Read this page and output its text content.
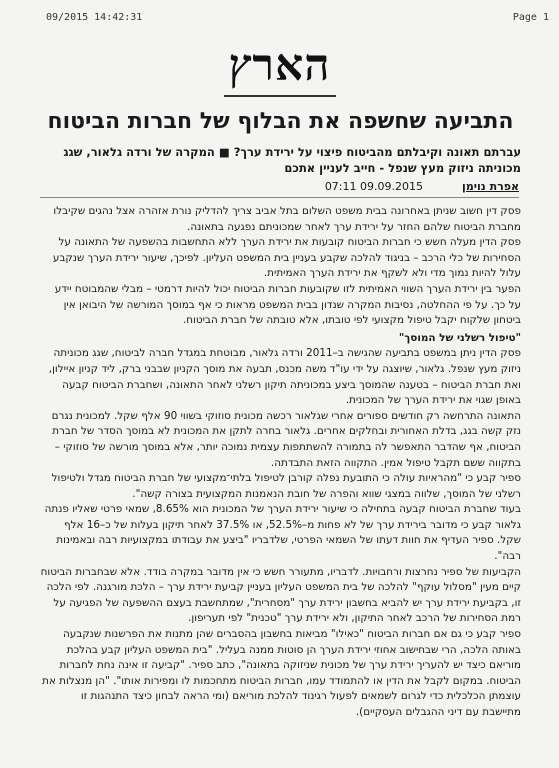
09/2015 14:42:31	Page 1
הארץ
התביעה שחשפה את הבלוף של חברות הביטוח
עברתם תאונה וקיבלתם מהביטוח פיצוי על ירידת ערך? ■ המקרה של ורדה גלאור, שגג מכוניתה ניזוק מעץ שנפל - חייב לעניין אתכם
אפרת נוימן
07:11 09.09.2015

פסק דין חשוב שניתן באחרונה בבית משפט השלום בתל אביב צריך להדליק נורת אזהרה אצל נהגים שקיבלו מחברת הביטוח שלהם החזר על ירידת ערך לאחר שמכוניתם נפגעה בתאונה.

פסק הדין מעלה חשש כי חברות הביטוח קובעות את ירידת הערך ללא התחשבות בהשפעה של התאונה על הסחירות של כלי הרכב – בניגוד להלכה שקבע בעניין בית המשפט העליון. לפיכך, שיעור ירידת הערך שנקבע עלול להיות נמוך מדי ולא לשקף את ירידת הערך האמיתית.

הפער בין ירידת הערך השווי האמיתית לזו שקובעות חברות הביטוח יכול להיות דרמטי – מבלי שהמבוטח יידע על כך. על פי ההחלטה, נסיבות המקרה שנדון בבית המשפט מראות כי אף במוסך המורשה של היבואן אין ביטחון שלקוח יקבל טיפול מקצועי לפי טובתו, אלא טובתה של חברת הביטוח.

"טיפול רשלני של המוסך"

פסק הדין ניתן במשפט בתביעה שהגישה ב–2011 ורדה גלאור, מבוטחת במגדל חברה לביטוח, שגג מכוניתה ניזוק מעץ שנפל. גלאור, שיוצגה על ידי עו"ד משה מכנס, תבעה את מוסך הקניון שבבני ברק, ליד קניון איילון, ואת חברת הביטוח – בטענה שהמוסך ביצע במכוניתה תיקון רשלני לאחר התאונה, ושחברת הביטוח קבעה באופן שגוי את ירידת הערך של המכונית.

התאונה התרחשה רק חודשים ספורים אחרי שגלאור רכשה מכונית סוזוקי בשווי 90 אלף שקל. למכונית נגרם נזק קשה בגג, בדלת האחורית ובחלקים אחרים. גלאור בחרה לתקן את המכונית לא במוסך הסדר של חברת הביטוח, אף שהדבר התאפשר לה בתמורה להשתתפות עצמית נמוכה יותר, אלא במוסך מורשה של סוזוקי – בתקווה ששם תקבל טיפול אמין. התקווה הזאת התבדתה.

ספיר קבע כי "מהראיות עולה כי התובעת נפלה קורבן לטיפול בלתי־מקצועי של חברת הביטוח מגדל ולטיפול רשלני של המוסך, שלווה במצגי שווא והפרה של חובת הנאמנות המקצועית בצורה קשה".

בעוד שחברת הביטוח קבעה בתחילה כי שיעור ירידת הערך של המכונית הוא 8.65%, שמאי פרטי שאליו פנתה גלאור קבע כי מדובר בירידת ערך של לא פחות מ–52.5%, או 37.5% לאחר תיקון בעלות של כ–16 אלף שקל. ספיר העדיף את חוות דעתו של השמאי הפרטי, שלדבריו "ביצע את עבודתו במקצועיות רבה ובאמינות רבה".

הקביעות של ספיר נחרצות ורחבויות. לדבריו, מתעורר חשש כי אין מדובר במקרה בודד. אלא שבחברות הביטוח קיים מעין "מסלול עוקף" להלכה של בית המשפט העליון בעניין קביעת ירידת ערך – הלכת מורגנה. לפי הלכה זו, בקביעת ירידת ערך יש להביא בחשבון ירידת ערך "מסחרית", שמתחשבת בעצם ההשפעה של הפגיעה על רמת הסחירות של הרכב לאחר התיקון, ולא ירידת ערך "טכנית" לפי תעריפון.

ספיר קבע כי גם אם חברות הביטוח "כאילו" מביאות בחשבון בהסברים שהן מתנות את הפרשנות שנקבעה באותה הלכה, הרי שבחישוב אחוזי ירידת הערך הן סוטות ממנה בעליל. "בית המשפט העליון קבע בהלכת מוריאם כיצד יש להעריך ירידת ערך של מכונית שניזוקה בתאונה", כתב ספיר. "קביעה זו אינה נחת לחברות הביטוח. במקום לקבל את הדין או להתמודד עמו, חברות הביטוח מתחכמות לו ומפירות אותו". "הן מנצלות את עוצמתן הכלכלית כדי לגרום לשמאים לפעול רגינוד להלכת מוריאם (ומי הראה לבחון כיצד התנהגות זו מתיישבת עם דיני ההגבלים העסקיים).
